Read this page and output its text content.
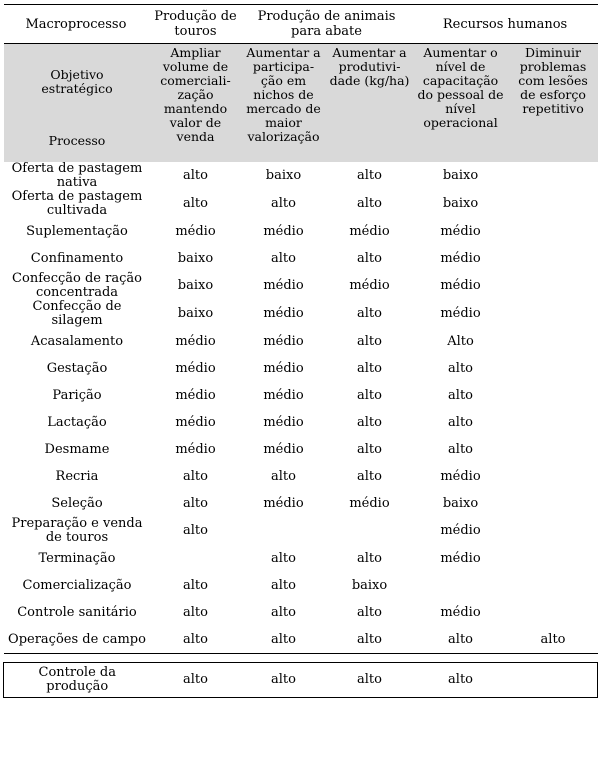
Macroprocesso	Produção de touros	Produção de animais para abate		Recursos humanos	
Objetivo estratégico	Ampliar volume de comerciali-zação mantendo valor de venda	Aumentar a participa-ção em nichos de mercado de maior valorização	Aumentar a produtivi-dade (kg/ha)	Aumentar o nível de capacitação do pessoal de nível operacional	Diminuir problemas com lesões de esforço repetitivo
Processo					
Oferta de pastagem nativa	alto	baixo	alto	baixo	
Oferta de pastagem cultivada	alto	alto	alto	baixo	
Suplementação	médio	médio	médio	médio	
Confinamento	baixo	alto	alto	médio	
Confecção de ração concentrada	baixo	médio	médio	médio	
Confecção de silagem	baixo	médio	alto	médio	
Acasalamento	médio	médio	alto	Alto	
Gestação	médio	médio	alto	alto	
Parição	médio	médio	alto	alto	
Lactação	médio	médio	alto	alto	
Desmame	médio	médio	alto	alto	
Recria	alto	alto	alto	médio	
Seleção	alto	médio	médio	baixo	
Preparação e venda de touros	alto			médio	
Terminação		alto	alto	médio	
Comercialização	alto	alto	baixo		
Controle sanitário	alto	alto	alto	médio	
Operações de campo	alto	alto	alto	alto	alto

Controle da produção	alto	alto	alto	alto	
